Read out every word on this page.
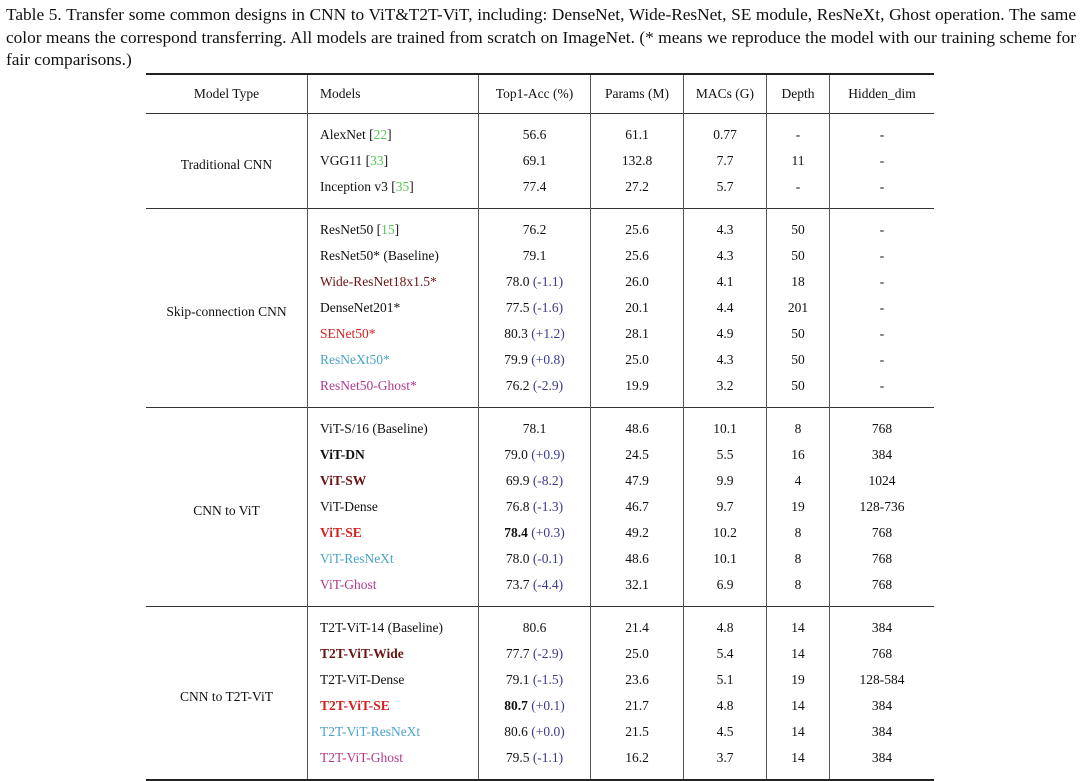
Table 5. Transfer some common designs in CNN to ViT&T2T-ViT, including: DenseNet, Wide-ResNet, SE module, ResNeXt, Ghost operation. The same color means the correspond transferring. All models are trained from scratch on ImageNet. (* means we reproduce the model with our training scheme for fair comparisons.)
Model Type	Models	Top1-Acc (%)	Params (M)	MACs (G)	Depth	Hidden_dim
Traditional CNN	AlexNet [22]	56.6	61.1	0.77	-	-
	VGG11 [33]	69.1	132.8	7.7	11	-
	Inception v3 [35]	77.4	27.2	5.7	-	-
Skip-connection CNN	ResNet50 [15]	76.2	25.6	4.3	50	-
	ResNet50* (Baseline)	79.1	25.6	4.3	50	-
	Wide-ResNet18x1.5*	78.0 (-1.1)	26.0	4.1	18	-
	DenseNet201*	77.5 (-1.6)	20.1	4.4	201	-
	SENet50*	80.3 (+1.2)	28.1	4.9	50	-
	ResNeXt50*	79.9 (+0.8)	25.0	4.3	50	-
	ResNet50-Ghost*	76.2 (-2.9)	19.9	3.2	50	-
CNN to ViT	ViT-S/16 (Baseline)	78.1	48.6	10.1	8	768
	ViT-DN	79.0 (+0.9)	24.5	5.5	16	384
	ViT-SW	69.9 (-8.2)	47.9	9.9	4	1024
	ViT-Dense	76.8 (-1.3)	46.7	9.7	19	128-736
	ViT-SE	78.4 (+0.3)	49.2	10.2	8	768
	ViT-ResNeXt	78.0 (-0.1)	48.6	10.1	8	768
	ViT-Ghost	73.7 (-4.4)	32.1	6.9	8	768
CNN to T2T-ViT	T2T-ViT-14 (Baseline)	80.6	21.4	4.8	14	384
	T2T-ViT-Wide	77.7 (-2.9)	25.0	5.4	14	768
	T2T-ViT-Dense	79.1 (-1.5)	23.6	5.1	19	128-584
	T2T-ViT-SE	80.7 (+0.1)	21.7	4.8	14	384
	T2T-ViT-ResNeXt	80.6 (+0.0)	21.5	4.5	14	384
	T2T-ViT-Ghost	79.5 (-1.1)	16.2	3.7	14	384
